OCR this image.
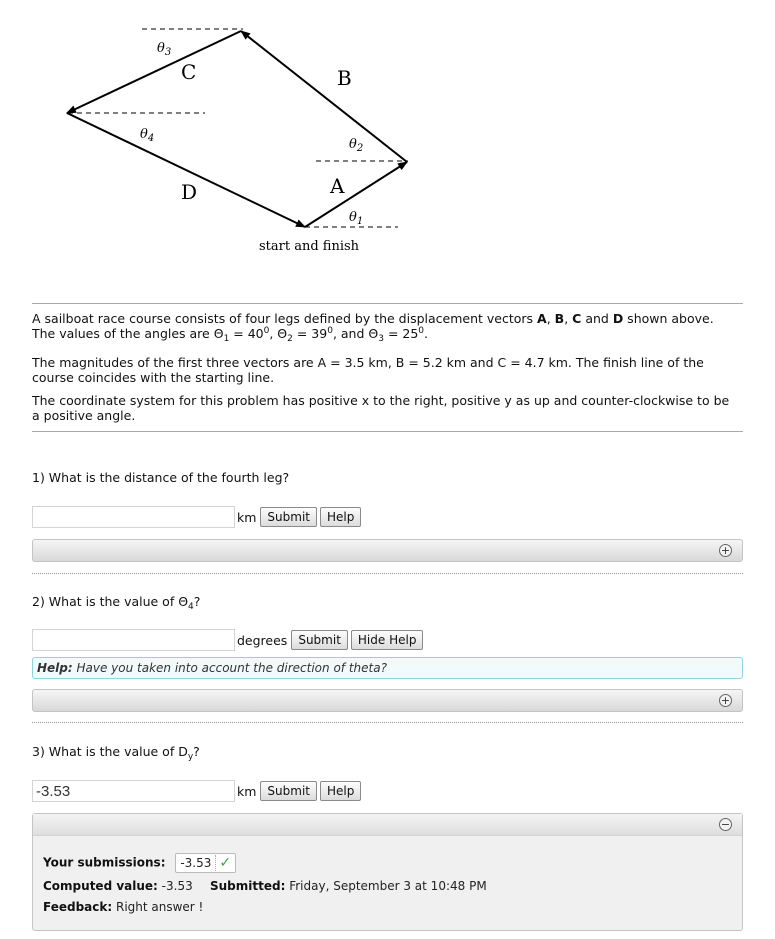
A
B
C
D
$\theta_1$
$\theta_2$
$\theta_3$
$\theta_4$
start and finish

A sailboat race course consists of four legs defined by the displacement vectors A, B, C and D shown above.
The values of the angles are $\Theta_1 = 40^0$, $\Theta_2 = 39^0$, and $\Theta_3 = 25^0$.

The magnitudes of the first three vectors are A = 3.5 km, B = 5.2 km and C = 4.7 km. The finish line of the course coincides with the starting line.

The coordinate system for this problem has positive x to the right, positive y as up and counter-clockwise to be a positive angle.

1) What is the distance of the fourth leg?

km Submit	Help
+

2) What is the value of $\Theta_4$?

degrees Submit	Hide Help
Help: Have you taken into account the direction of theta?
+

3) What is the value of $D_y$?

-3.53
km Submit	Help
−
Your submissions: -3.53 ✓
Computed value: -3.53 Submitted: Friday, September 3 at 10:48 PM
Feedback: Right answer !
